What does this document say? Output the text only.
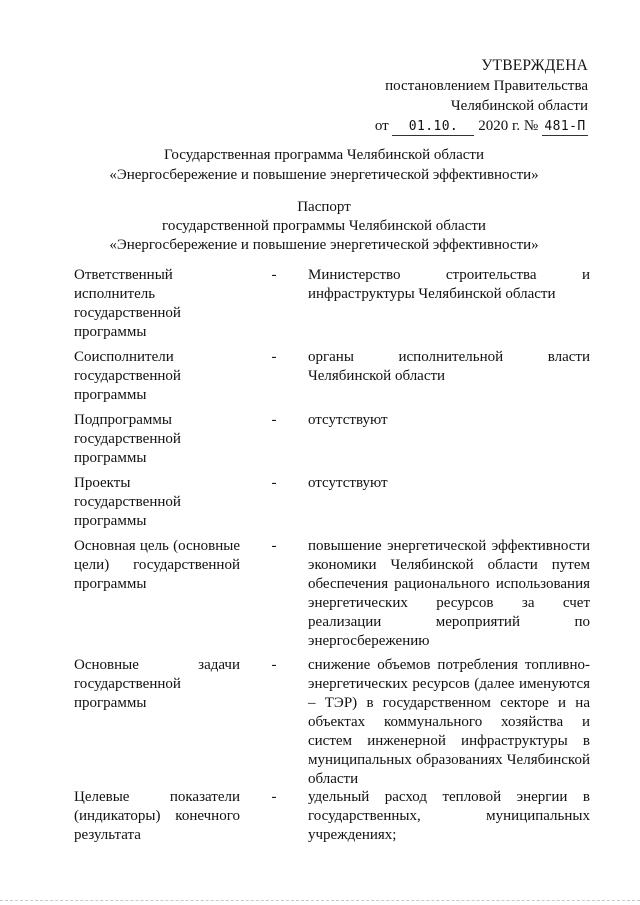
УТВЕРЖДЕНА
постановлением Правительства
Челябинской области
от 01.10. 2020 г. № 481-П
Государственная программа Челябинской области
«Энергосбережение и повышение энергетической эффективности»
Паспорт
государственной программы Челябинской области
«Энергосбережение и повышение энергетической эффективности»
Ответственный исполнитель государственной программы
-	Министерство строительства и инфраструктуры Челябинской области
Соисполнители государственной программы
-	органы исполнительной власти Челябинской области
Подпрограммы государственной программы
-	отсутствуют
Проекты государственной программы
-	отсутствуют
Основная цель (основные цели) государственной программы
-	повышение энергетической эффективности экономики Челябинской области путем обеспечения рационального использования энергетических ресурсов за счет реализации мероприятий по энергосбережению
Основные задачи государственной программы
-	снижение объемов потребления топливно-энергетических ресурсов (далее именуются – ТЭР) в государственном секторе и на объектах коммунального хозяйства и систем инженерной инфраструктуры в муниципальных образованиях Челябинской области
Целевые показатели (индикаторы) конечного результата
-	удельный расход тепловой энергии в государственных, муниципальных учреждениях;
